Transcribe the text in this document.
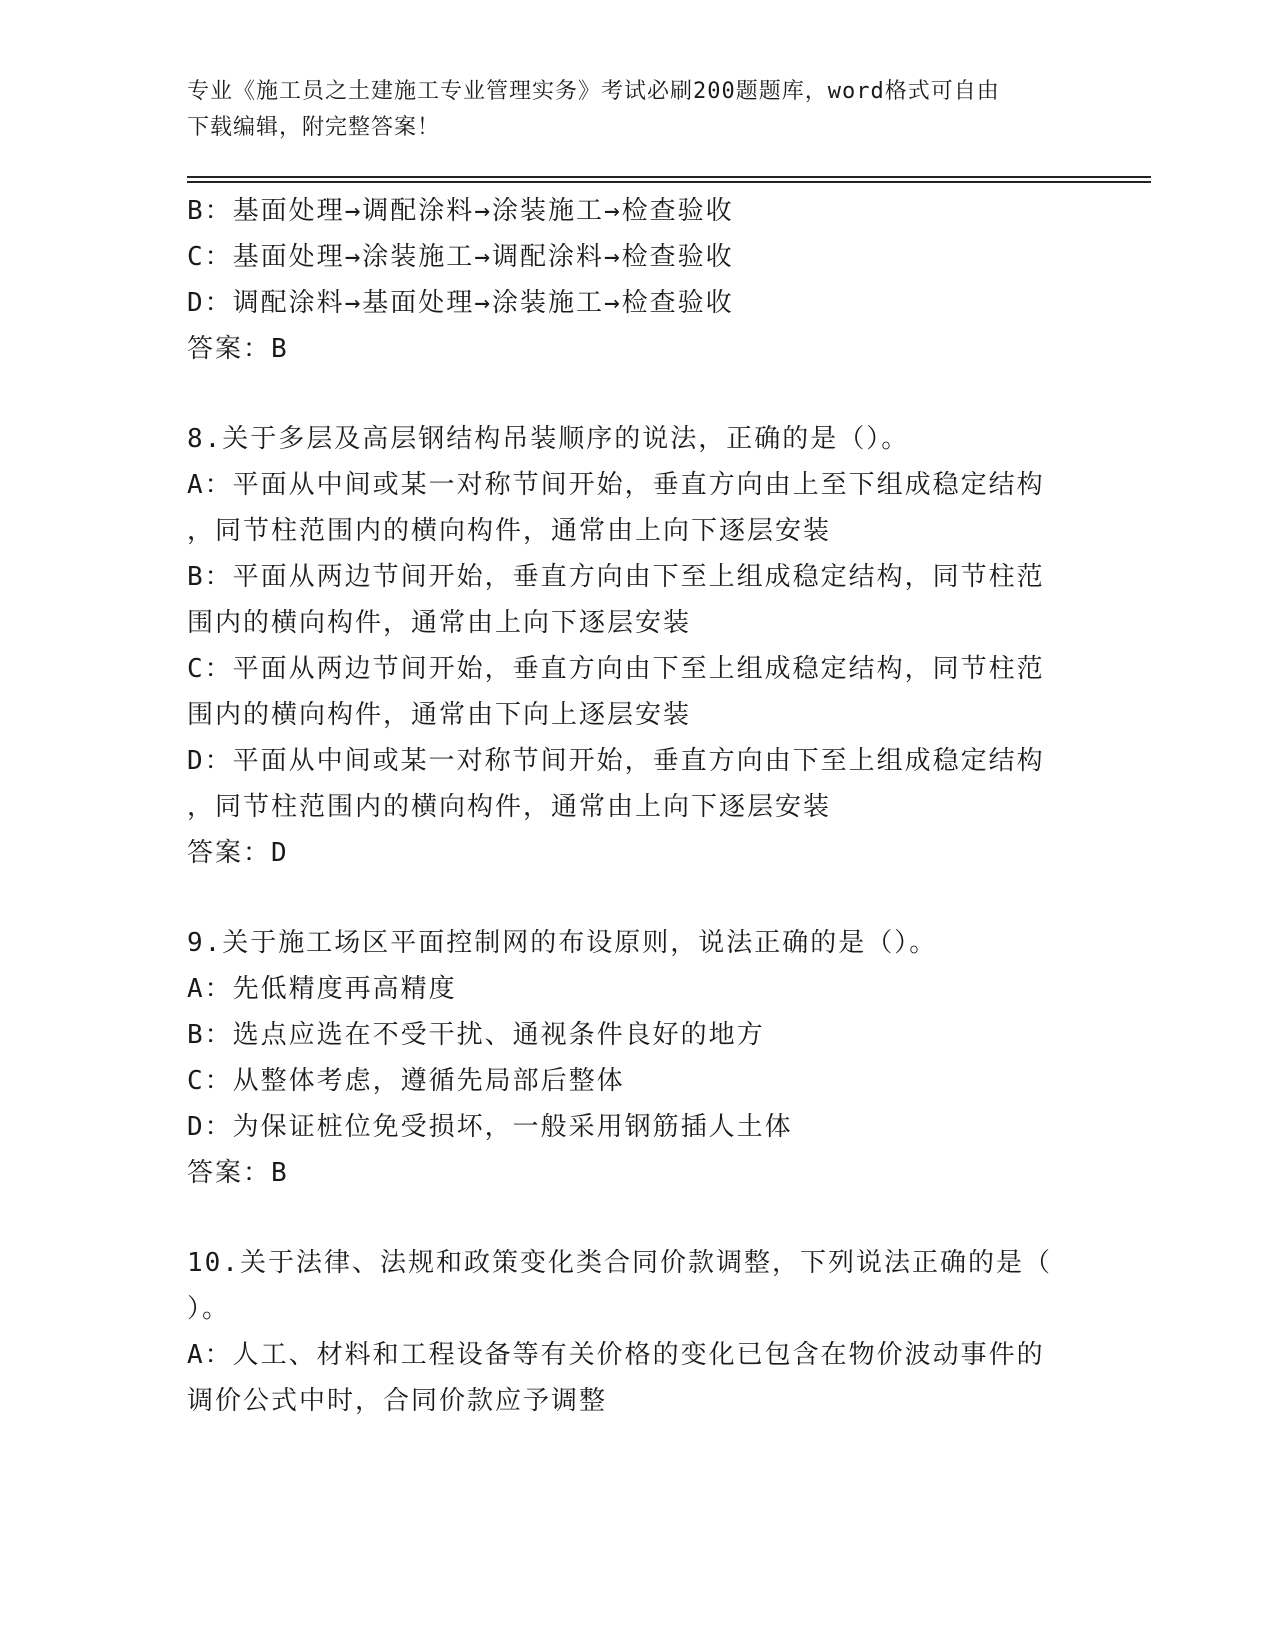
专业《施工员之土建施工专业管理实务》考试必刷200题题库，word格式可自由
下载编辑，附完整答案！
B：基面处理→调配涂料→涂装施工→检查验收
C：基面处理→涂装施工→调配涂料→检查验收
D：调配涂料→基面处理→涂装施工→检查验收
答案：B
8.关于多层及高层钢结构吊装顺序的说法，正确的是（）。
A：平面从中间或某一对称节间开始，垂直方向由上至下组成稳定结构
，同节柱范围内的横向构件，通常由上向下逐层安装
B：平面从两边节间开始，垂直方向由下至上组成稳定结构，同节柱范
围内的横向构件，通常由上向下逐层安装
C：平面从两边节间开始，垂直方向由下至上组成稳定结构，同节柱范
围内的横向构件，通常由下向上逐层安装
D：平面从中间或某一对称节间开始，垂直方向由下至上组成稳定结构
，同节柱范围内的横向构件，通常由上向下逐层安装
答案：D
9.关于施工场区平面控制网的布设原则，说法正确的是（）。
A：先低精度再高精度
B：选点应选在不受干扰、通视条件良好的地方
C：从整体考虑，遵循先局部后整体
D：为保证桩位免受损坏，一般采用钢筋插人土体
答案：B
10.关于法律、法规和政策变化类合同价款调整，下列说法正确的是（
）。
A：人工、材料和工程设备等有关价格的变化已包含在物价波动事件的
调价公式中时，合同价款应予调整
